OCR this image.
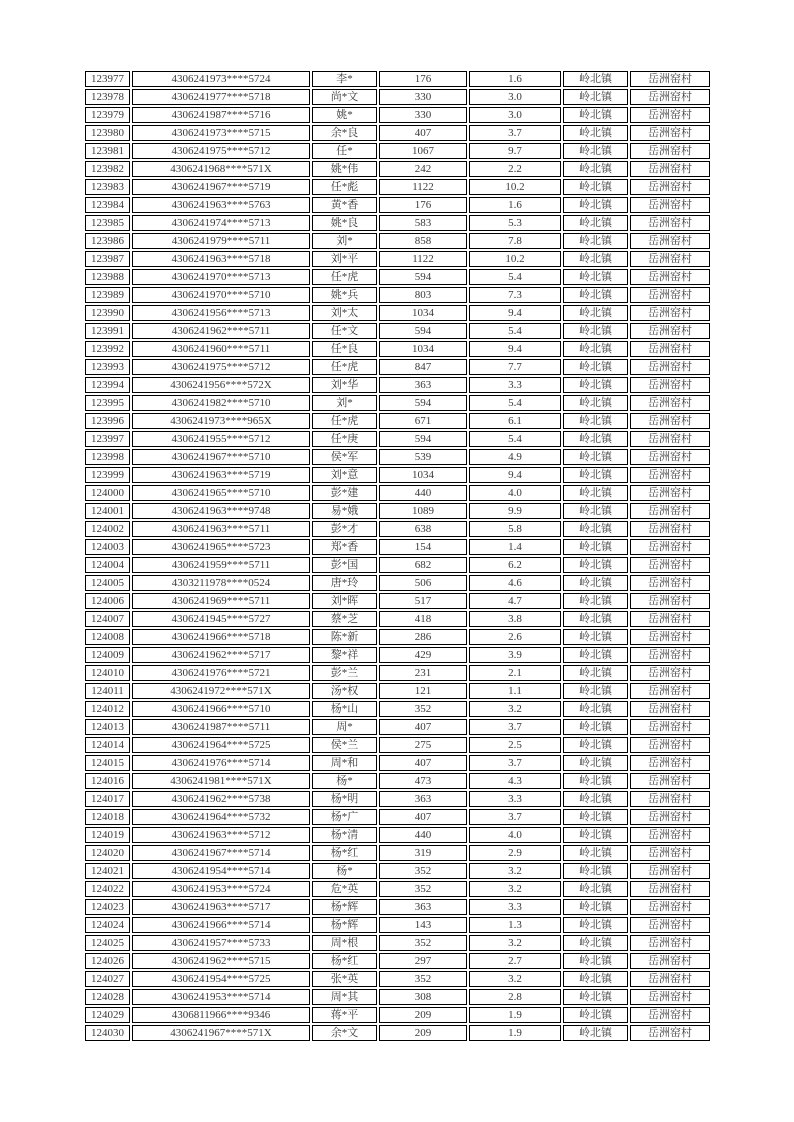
123977	4306241973****5724	李*	176	1.6	岭北镇	岳洲窑村
123978	4306241977****5718	尚*文	330	3.0	岭北镇	岳洲窑村
123979	4306241987****5716	姚*	330	3.0	岭北镇	岳洲窑村
123980	4306241973****5715	余*良	407	3.7	岭北镇	岳洲窑村
123981	4306241975****5712	任*	1067	9.7	岭北镇	岳洲窑村
123982	4306241968****571X	姚*伟	242	2.2	岭北镇	岳洲窑村
123983	4306241967****5719	任*彪	1122	10.2	岭北镇	岳洲窑村
123984	4306241963****5763	黄*香	176	1.6	岭北镇	岳洲窑村
123985	4306241974****5713	姚*良	583	5.3	岭北镇	岳洲窑村
123986	4306241979****5711	刘*	858	7.8	岭北镇	岳洲窑村
123987	4306241963****5718	刘*平	1122	10.2	岭北镇	岳洲窑村
123988	4306241970****5713	任*虎	594	5.4	岭北镇	岳洲窑村
123989	4306241970****5710	姚*兵	803	7.3	岭北镇	岳洲窑村
123990	4306241956****5713	刘*太	1034	9.4	岭北镇	岳洲窑村
123991	4306241962****5711	任*文	594	5.4	岭北镇	岳洲窑村
123992	4306241960****5711	任*良	1034	9.4	岭北镇	岳洲窑村
123993	4306241975****5712	任*虎	847	7.7	岭北镇	岳洲窑村
123994	4306241956****572X	刘*华	363	3.3	岭北镇	岳洲窑村
123995	4306241982****5710	刘*	594	5.4	岭北镇	岳洲窑村
123996	4306241973****965X	任*虎	671	6.1	岭北镇	岳洲窑村
123997	4306241955****5712	任*庚	594	5.4	岭北镇	岳洲窑村
123998	4306241967****5710	侯*军	539	4.9	岭北镇	岳洲窑村
123999	4306241963****5719	刘*意	1034	9.4	岭北镇	岳洲窑村
124000	4306241965****5710	彭*建	440	4.0	岭北镇	岳洲窑村
124001	4306241963****9748	易*娥	1089	9.9	岭北镇	岳洲窑村
124002	4306241963****5711	彭*才	638	5.8	岭北镇	岳洲窑村
124003	4306241965****5723	郑*香	154	1.4	岭北镇	岳洲窑村
124004	4306241959****5711	彭*国	682	6.2	岭北镇	岳洲窑村
124005	4303211978****0524	唐*玲	506	4.6	岭北镇	岳洲窑村
124006	4306241969****5711	刘*晖	517	4.7	岭北镇	岳洲窑村
124007	4306241945****5727	蔡*芝	418	3.8	岭北镇	岳洲窑村
124008	4306241966****5718	陈*新	286	2.6	岭北镇	岳洲窑村
124009	4306241962****5717	黎*祥	429	3.9	岭北镇	岳洲窑村
124010	4306241976****5721	彭*兰	231	2.1	岭北镇	岳洲窑村
124011	4306241972****571X	汤*权	121	1.1	岭北镇	岳洲窑村
124012	4306241966****5710	杨*山	352	3.2	岭北镇	岳洲窑村
124013	4306241987****5711	周*	407	3.7	岭北镇	岳洲窑村
124014	4306241964****5725	侯*兰	275	2.5	岭北镇	岳洲窑村
124015	4306241976****5714	周*和	407	3.7	岭北镇	岳洲窑村
124016	4306241981****571X	杨*	473	4.3	岭北镇	岳洲窑村
124017	4306241962****5738	杨*明	363	3.3	岭北镇	岳洲窑村
124018	4306241964****5732	杨*广	407	3.7	岭北镇	岳洲窑村
124019	4306241963****5712	杨*清	440	4.0	岭北镇	岳洲窑村
124020	4306241967****5714	杨*红	319	2.9	岭北镇	岳洲窑村
124021	4306241954****5714	杨*	352	3.2	岭北镇	岳洲窑村
124022	4306241953****5724	危*英	352	3.2	岭北镇	岳洲窑村
124023	4306241963****5717	杨*辉	363	3.3	岭北镇	岳洲窑村
124024	4306241966****5714	杨*辉	143	1.3	岭北镇	岳洲窑村
124025	4306241957****5733	周*根	352	3.2	岭北镇	岳洲窑村
124026	4306241962****5715	杨*红	297	2.7	岭北镇	岳洲窑村
124027	4306241954****5725	张*英	352	3.2	岭北镇	岳洲窑村
124028	4306241953****5714	周*其	308	2.8	岭北镇	岳洲窑村
124029	4306811966****9346	蒋*平	209	1.9	岭北镇	岳洲窑村
124030	4306241967****571X	余*文	209	1.9	岭北镇	岳洲窑村
